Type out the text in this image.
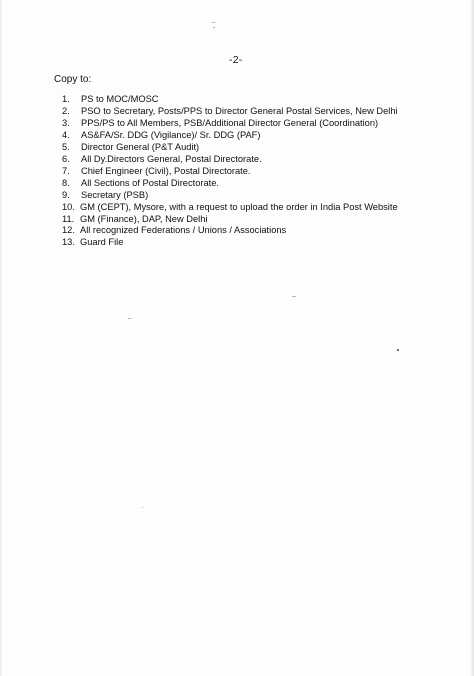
-2-
Copy to:
1. PS to MOC/MOSC
2. PSO to Secretary, Posts/PPS to Director General Postal Services, New Delhi
3. PPS/PS to All Members, PSB/Additional Director General (Coordination)
4. AS&FA/Sr. DDG (Vigilance)/ Sr. DDG (PAF)
5. Director General (P&T Audit)
6. All Dy.Directors General, Postal Directorate.
7. Chief Engineer (Civil), Postal Directorate.
8. All Sections of Postal Directorate.
9. Secretary (PSB)
10. GM (CEPT), Mysore, with a request to upload the order in India Post Website
11. GM (Finance), DAP, New Delhi
12. All recognized Federations / Unions / Associations
13. Guard File
